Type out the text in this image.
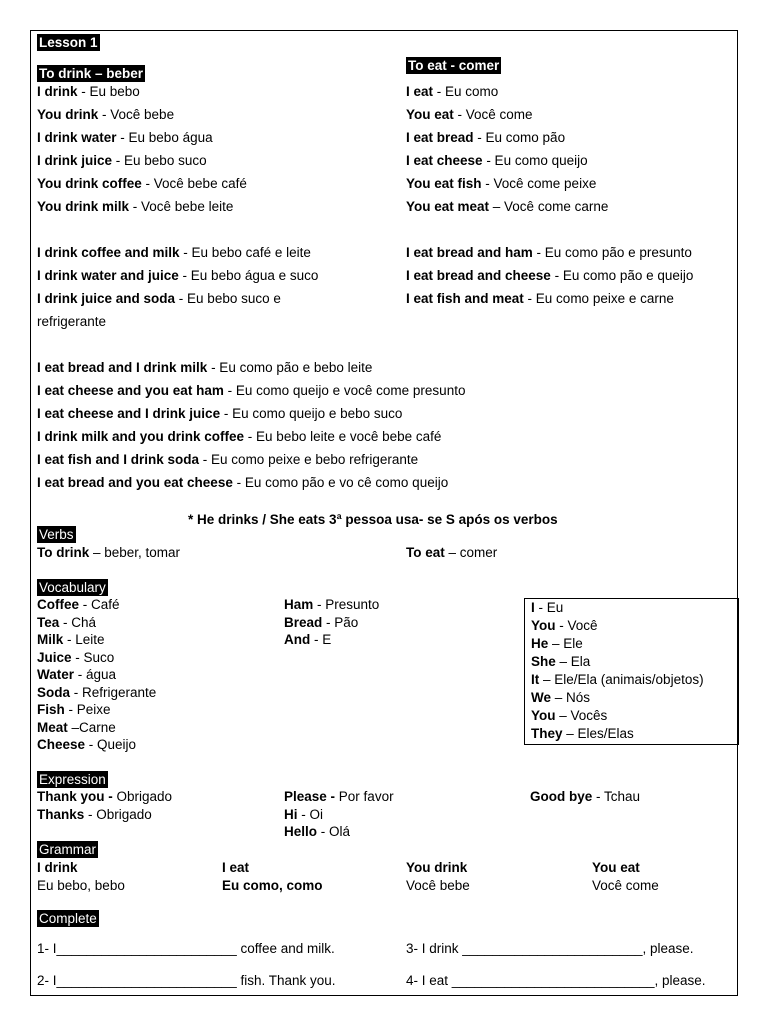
Lesson 1
To drink – beber
To eat - comer
I drink - Eu bebo
You drink - Você bebe
I drink water - Eu bebo água
I drink juice - Eu bebo suco
You drink coffee - Você bebe café
You drink milk - Você bebe leite
I eat - Eu como
You eat - Você come
I eat bread - Eu como pão
I eat cheese - Eu como queijo
You eat fish - Você come peixe
You eat meat – Você come carne
I drink coffee and milk - Eu bebo café e leite
I drink water and juice - Eu bebo água e suco
I drink juice and soda - Eu bebo suco e
refrigerante
I eat bread and ham - Eu como pão e presunto
I eat bread and cheese - Eu como pão e queijo
I eat fish and meat - Eu como peixe e carne
I eat bread and I drink milk - Eu como pão e bebo leite
I eat cheese and you eat ham - Eu como queijo e você come presunto
I eat cheese and I drink juice - Eu como queijo e bebo suco
I drink milk and you drink coffee - Eu bebo leite e você bebe café
I eat fish and I drink soda - Eu como peixe e bebo refrigerante
I eat bread and you eat cheese - Eu como pão e vo cê como queijo
* He drinks / She eats 3ª pessoa usa- se S após os verbos
Verbs
To drink – beber, tomar	To eat – comer
Vocabulary
Coffee - Café
Tea - Chá
Milk - Leite
Juice - Suco
Water - água
Soda - Refrigerante
Fish - Peixe
Meat –Carne
Cheese - Queijo
Ham - Presunto
Bread - Pão
And - E
I - Eu
You - Você
He – Ele
She – Ela
It – Ele/Ela (animais/objetos)
We – Nós
You – Vocês
They – Eles/Elas
Expression
Thank you - Obrigado
Thanks - Obrigado
Please - Por favor
Hi - Oi
Hello - Olá
Good bye - Tchau
Grammar
I drink
Eu bebo, bebo
I eat
Eu como, como
You drink
Você bebe
You eat
Você come
Complete
1- I________________________ coffee and milk.
2- I________________________ fish. Thank you.
3- I drink ________________________, please.
4- I eat ___________________________, please.
